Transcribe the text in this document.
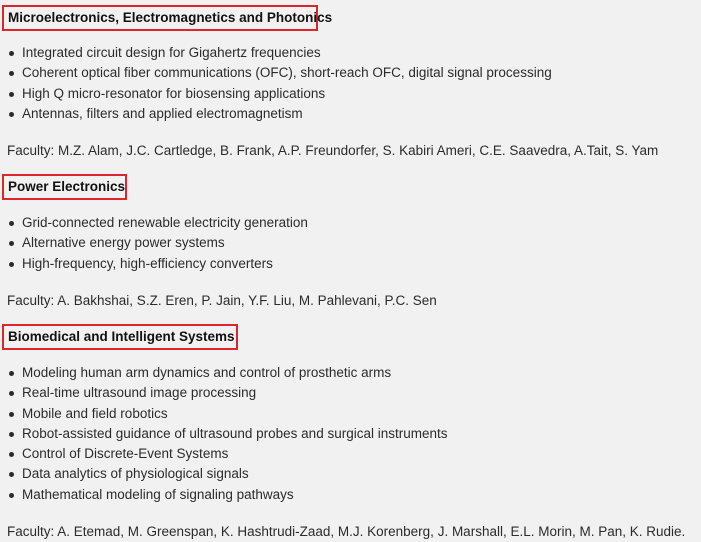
Microelectronics, Electromagnetics and Photonics
Integrated circuit design for Gigahertz frequencies
Coherent optical fiber communications (OFC), short-reach OFC, digital signal processing
High Q micro-resonator for biosensing applications
Antennas, filters and applied electromagnetism
Faculty: M.Z. Alam, J.C. Cartledge, B. Frank, A.P. Freundorfer, S. Kabiri Ameri, C.E. Saavedra, A.Tait, S. Yam
Power Electronics
Grid-connected renewable electricity generation
Alternative energy power systems
High-frequency, high-efficiency converters
Faculty: A. Bakhshai, S.Z. Eren, P. Jain, Y.F. Liu, M. Pahlevani, P.C. Sen
Biomedical and Intelligent Systems
Modeling human arm dynamics and control of prosthetic arms
Real-time ultrasound image processing
Mobile and field robotics
Robot-assisted guidance of ultrasound probes and surgical instruments
Control of Discrete-Event Systems
Data analytics of physiological signals
Mathematical modeling of signaling pathways
Faculty: A. Etemad, M. Greenspan, K. Hashtrudi-Zaad, M.J. Korenberg, J. Marshall, E.L. Morin, M. Pan, K. Rudie.
